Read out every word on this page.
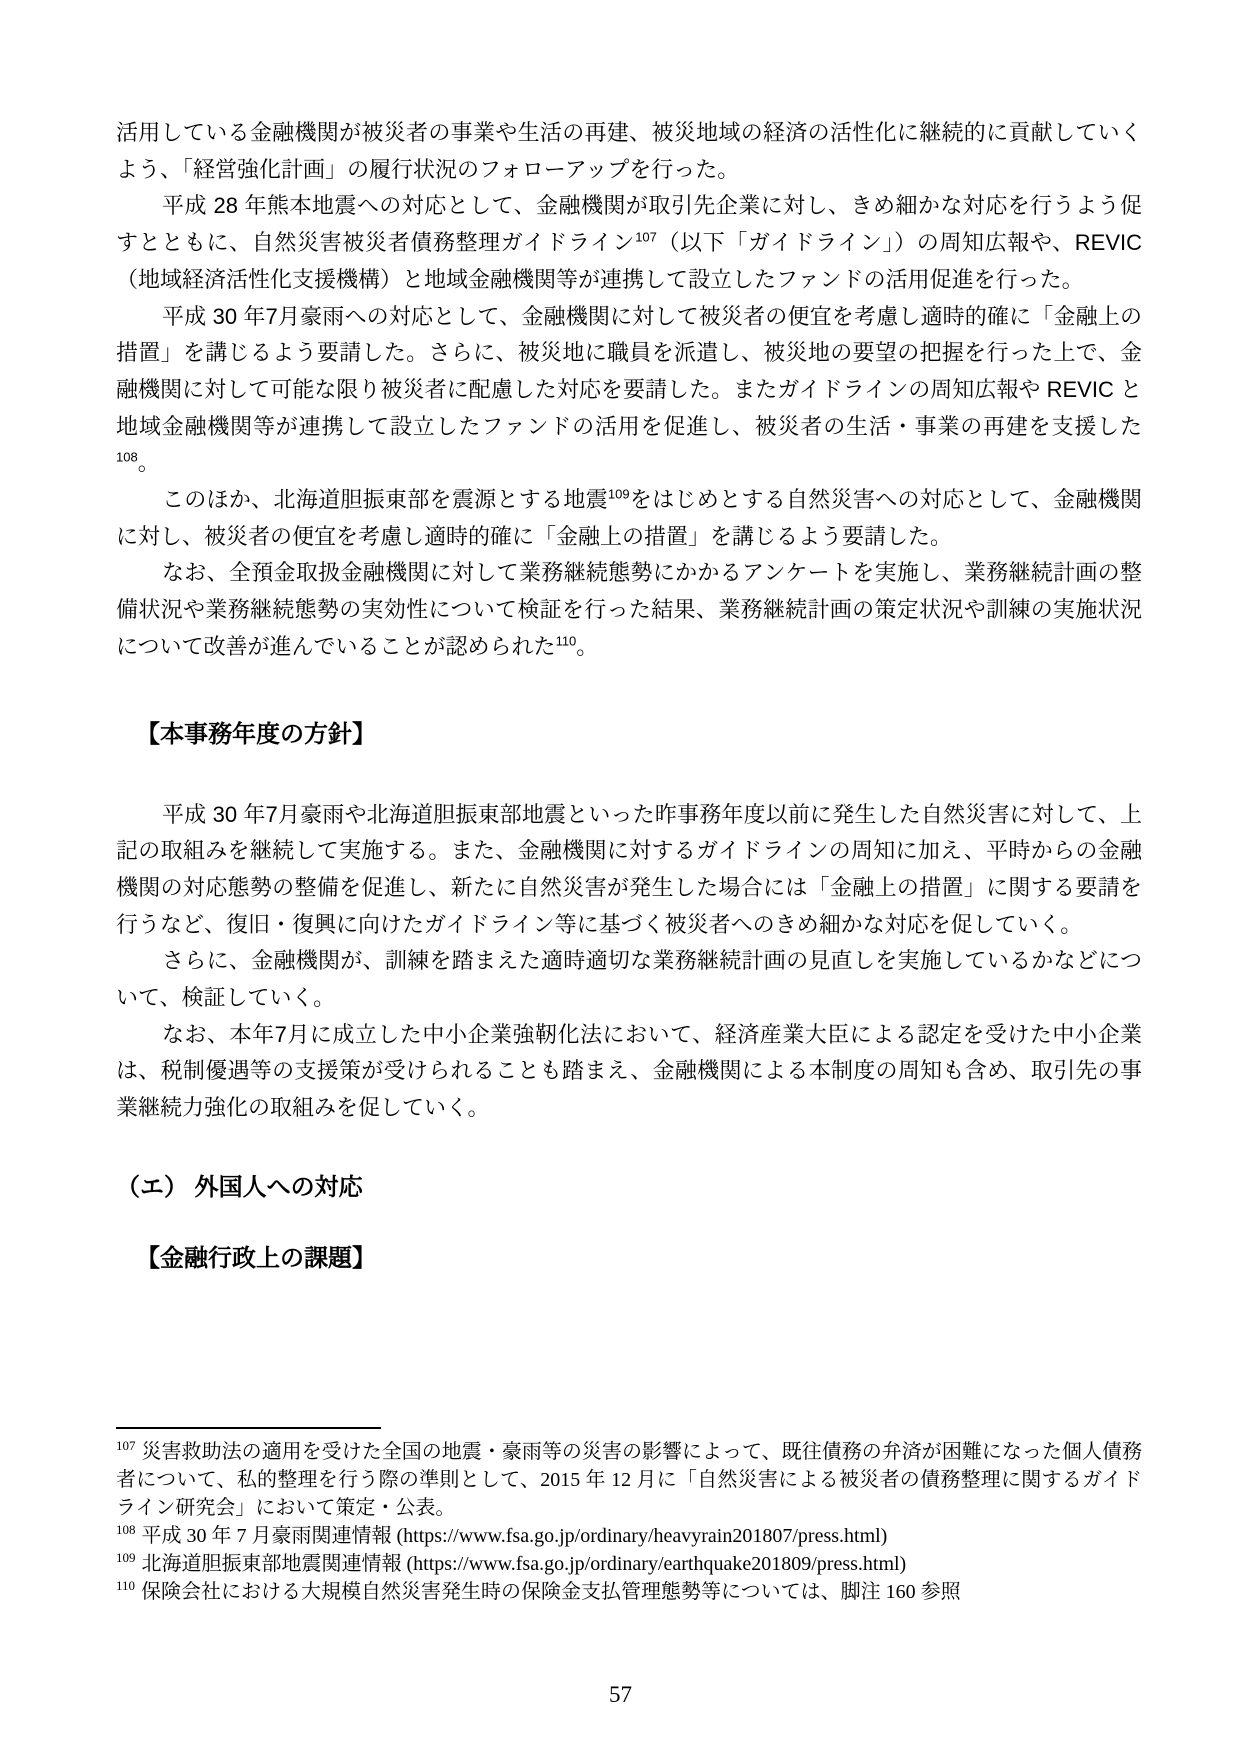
活用している金融機関が被災者の事業や生活の再建、被災地域の経済の活性化に継続的に貢献していくよう、「経営強化計画」の履行状況のフォローアップを行った。

平成 28 年熊本地震への対応として、金融機関が取引先企業に対し、きめ細かな対応を行うよう促すとともに、自然災害被災者債務整理ガイドライン$^{107}$（以下「ガイドライン」）の周知広報や、REVIC（地域経済活性化支援機構）と地域金融機関等が連携して設立したファンドの活用促進を行った。

平成 30 年7月豪雨への対応として、金融機関に対して被災者の便宜を考慮し適時的確に「金融上の措置」を講じるよう要請した。さらに、被災地に職員を派遣し、被災地の要望の把握を行った上で、金融機関に対して可能な限り被災者に配慮した対応を要請した。またガイドラインの周知広報や REVIC と地域金融機関等が連携して設立したファンドの活用を促進し、被災者の生活・事業の再建を支援した$^{108}$。

このほか、北海道胆振東部を震源とする地震$^{109}$をはじめとする自然災害への対応として、金融機関に対し、被災者の便宜を考慮し適時的確に「金融上の措置」を講じるよう要請した。

なお、全預金取扱金融機関に対して業務継続態勢にかかるアンケートを実施し、業務継続計画の整備状況や業務継続態勢の実効性について検証を行った結果、業務継続計画の策定状況や訓練の実施状況について改善が進んでいることが認められた$^{110}$。

【本事務年度の方針】

平成 30 年7月豪雨や北海道胆振東部地震といった昨事務年度以前に発生した自然災害に対して、上記の取組みを継続して実施する。また、金融機関に対するガイドラインの周知に加え、平時からの金融機関の対応態勢の整備を促進し、新たに自然災害が発生した場合には「金融上の措置」に関する要請を行うなど、復旧・復興に向けたガイドライン等に基づく被災者へのきめ細かな対応を促していく。

さらに、金融機関が、訓練を踏まえた適時適切な業務継続計画の見直しを実施しているかなどについて、検証していく。

なお、本年7月に成立した中小企業強靭化法において、経済産業大臣による認定を受けた中小企業は、税制優遇等の支援策が受けられることも踏まえ、金融機関による本制度の周知も含め、取引先の事業継続力強化の取組みを促していく。

（エ） 外国人への対応

【金融行政上の課題】

$^{107}$ 災害救助法の適用を受けた全国の地震・豪雨等の災害の影響によって、既往債務の弁済が困難になった個人債務者について、私的整理を行う際の準則として、2015 年 12 月に「自然災害による被災者の債務整理に関するガイドライン研究会」において策定・公表。

$^{108}$ 平成 30 年 7 月豪雨関連情報 (https://www.fsa.go.jp/ordinary/heavyrain201807/press.html)

$^{109}$ 北海道胆振東部地震関連情報 (https://www.fsa.go.jp/ordinary/earthquake201809/press.html)

$^{110}$ 保険会社における大規模自然災害発生時の保険金支払管理態勢等については、脚注 160 参照

57
